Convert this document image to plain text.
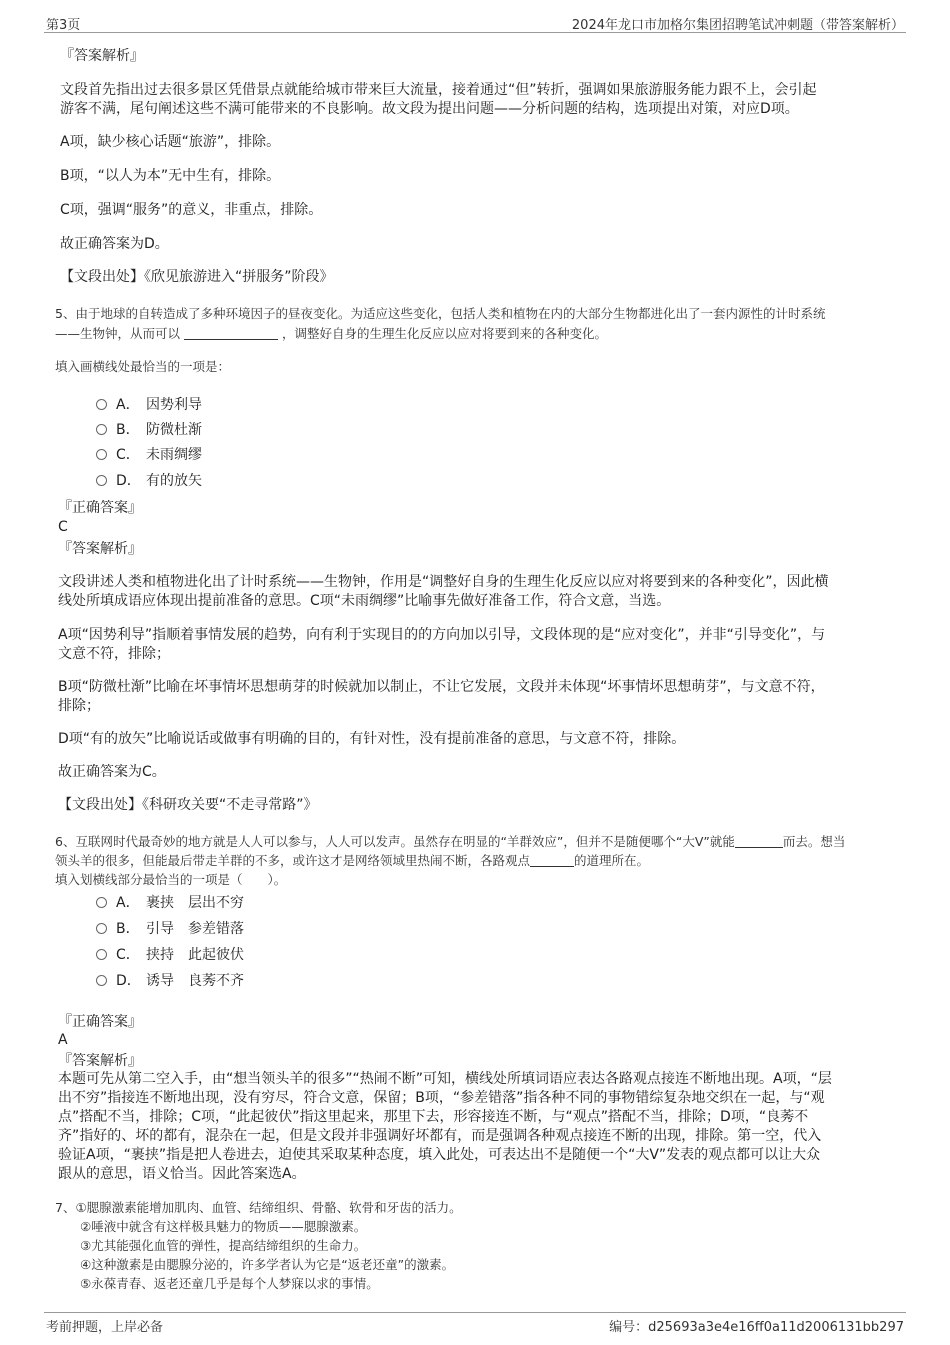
第3页	2024年龙口市加格尔集团招聘笔试冲刺题（带答案解析）
『答案解析』
文段首先指出过去很多景区凭借景点就能给城市带来巨大流量，接着通过“但”转折，强调如果旅游服务能力跟不上，会引起
游客不满，尾句阐述这些不满可能带来的不良影响。故文段为提出问题——分析问题的结构，选项提出对策，对应D项。
A项，缺少核心话题“旅游”，排除。
B项，“以人为本”无中生有，排除。
C项，强调“服务”的意义，非重点，排除。
故正确答案为D。
【文段出处】《欣见旅游进入“拼服务”阶段》
5、由于地球的自转造成了多种环境因子的昼夜变化。为适应这些变化，包括人类和植物在内的大部分生物都进化出了一套内源性的计时系统
——生物钟，从而可以	，调整好自身的生理生化反应以应对将要到来的各种变化。
填入画横线处最恰当的一项是：
A． 因势利导
B． 防微杜渐
C． 未雨绸缪
D． 有的放矢
『正确答案』
C
『答案解析』
文段讲述人类和植物进化出了计时系统——生物钟，作用是“调整好自身的生理生化反应以应对将要到来的各种变化”，因此横
线处所填成语应体现出提前准备的意思。C项“未雨绸缪”比喻事先做好准备工作，符合文意，当选。
A项“因势利导”指顺着事情发展的趋势，向有利于实现目的的方向加以引导，文段体现的是“应对变化”，并非“引导变化”，与
文意不符，排除；
B项“防微杜渐”比喻在坏事情坏思想萌芽的时候就加以制止，不让它发展，文段并未体现“坏事情坏思想萌芽”，与文意不符，
排除；
D项“有的放矢”比喻说话或做事有明确的目的，有针对性，没有提前准备的意思，与文意不符，排除。
故正确答案为C。
【文段出处】《科研攻关要“不走寻常路”》
6、互联网时代最奇妙的地方就是人人可以参与，人人可以发声。虽然存在明显的“羊群效应”，但并不是随便哪个“大V”就能	而去。想当
领头羊的很多，但能最后带走羊群的不多，或许这才是网络领域里热闹不断，各路观点	的道理所在。
填入划横线部分最恰当的一项是（　　）。
A． 裹挟　层出不穷
B． 引导　参差错落
C． 挟持　此起彼伏
D． 诱导　良莠不齐
『正确答案』
A
『答案解析』
本题可先从第二空入手，由“想当领头羊的很多”“热闹不断”可知，横线处所填词语应表达各路观点接连不断地出现。A项，“层
出不穷”指接连不断地出现，没有穷尽，符合文意，保留；B项，“参差错落”指各种不同的事物错综复杂地交织在一起，与“观
点”搭配不当，排除；C项，“此起彼伏”指这里起来，那里下去，形容接连不断，与“观点”搭配不当，排除；D项，“良莠不
齐”指好的、坏的都有，混杂在一起，但是文段并非强调好坏都有，而是强调各种观点接连不断的出现，排除。第一空，代入
验证A项，“裹挟”指是把人卷进去，迫使其采取某种态度，填入此处，可表达出不是随便一个“大V”发表的观点都可以让大众
跟从的意思，语义恰当。因此答案选A。
7、①腮腺激素能增加肌肉、血管、结缔组织、骨骼、软骨和牙齿的活力。
②唾液中就含有这样极具魅力的物质——腮腺激素。
③尤其能强化血管的弹性，提高结缔组织的生命力。
④这种激素是由腮腺分泌的，许多学者认为它是“返老还童”的激素。
⑤永葆青春、返老还童几乎是每个人梦寐以求的事情。
考前押题，上岸必备	编号：d25693a3e4e16ff0a11d2006131bb297
